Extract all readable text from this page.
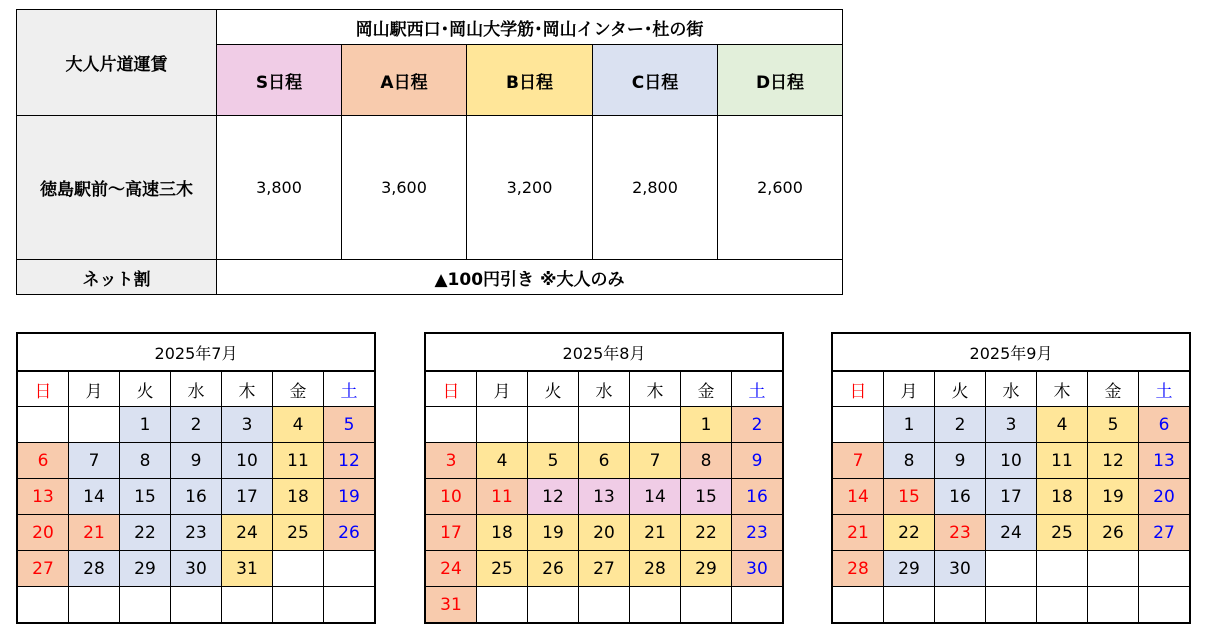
大人片道運賃	岡山駅西口･岡山大学筋･岡山インター･杜の街				
	S日程	A日程	B日程	C日程	D日程
徳島駅前～高速三木	3,800	3,600	3,200	2,800	2,600
ネット割	▲100円引き ※大人のみ				
2025年7月						
日	月	火	水	木	金	土
		1	2	3	4	5
6	7	8	9	10	11	12
13	14	15	16	17	18	19
20	21	22	23	24	25	26
27	28	29	30	31		

2025年8月						
日	月	火	水	木	金	土
					1	2
3	4	5	6	7	8	9
10	11	12	13	14	15	16
17	18	19	20	21	22	23
24	25	26	27	28	29	30
31						
2025年9月						
日	月	火	水	木	金	土
	1	2	3	4	5	6
7	8	9	10	11	12	13
14	15	16	17	18	19	20
21	22	23	24	25	26	27
28	29	30				
